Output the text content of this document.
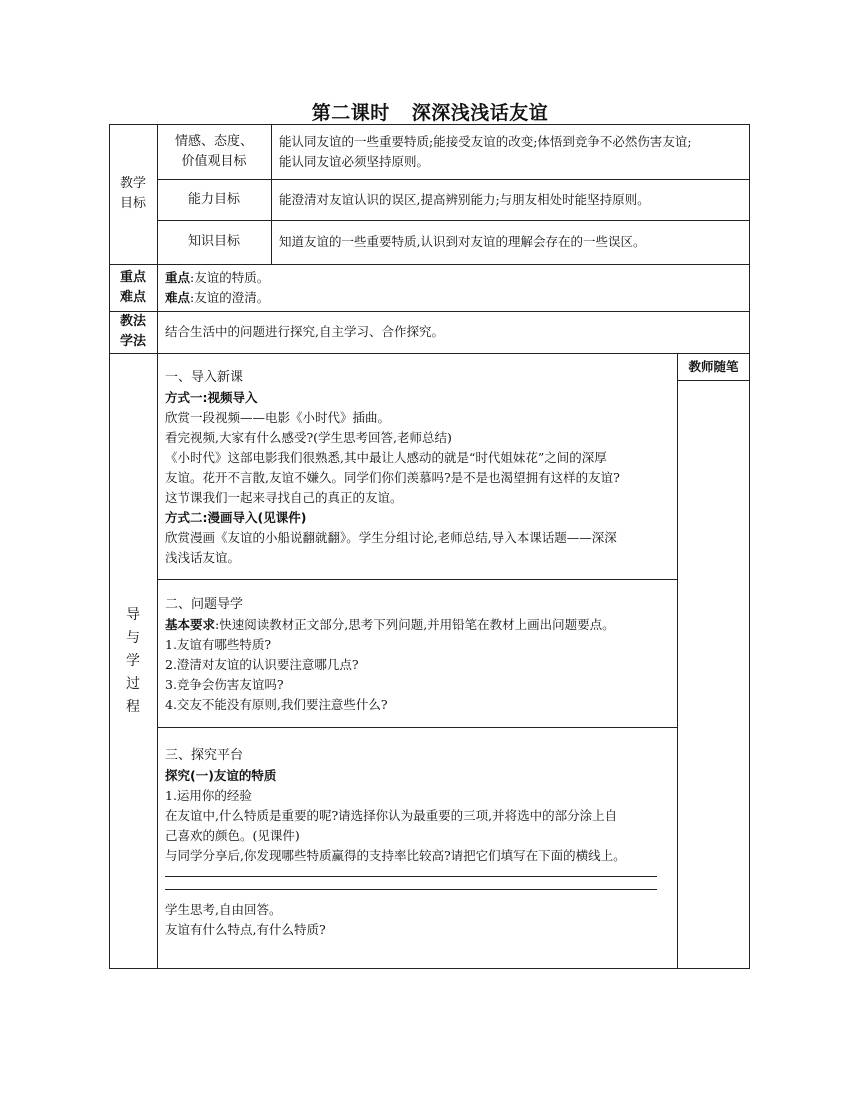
第二课时 深深浅浅话友谊
教学
目标
情感、态度、
价值观目标
能认同友谊的一些重要特质;能接受友谊的改变;体悟到竞争不必然伤害友谊;
能认同友谊必须坚持原则。
能力目标	能澄清对友谊认识的误区,提高辨别能力;与朋友相处时能坚持原则。
知识目标	知道友谊的一些重要特质,认识到对友谊的理解会存在的一些误区。
重点
难点
重点:友谊的特质。
难点:友谊的澄清。
教法
学法
结合生活中的问题进行探究,自主学习、合作探究。
导
与
学
过
程
教师随笔

一、导入新课

方式一:视频导入

欣赏一段视频——电影《小时代》插曲。

看完视频,大家有什么感受?(学生思考回答,老师总结)

《小时代》这部电影我们很熟悉,其中最让人感动的就是“时代姐妹花”之间的深厚

友谊。花开不言散,友谊不嫌久。同学们你们羡慕吗?是不是也渴望拥有这样的友谊?

这节课我们一起来寻找自己的真正的友谊。

方式二:漫画导入(见课件)

欣赏漫画《友谊的小船说翻就翻》。学生分组讨论,老师总结,导入本课话题——深深

浅浅话友谊。

二、问题导学

基本要求:快速阅读教材正文部分,思考下列问题,并用铅笔在教材上画出问题要点。

1.友谊有哪些特质?

2.澄清对友谊的认识要注意哪几点?

3.竞争会伤害友谊吗?

4.交友不能没有原则,我们要注意些什么?

三、探究平台

探究(一)友谊的特质

1.运用你的经验

在友谊中,什么特质是重要的呢?请选择你认为最重要的三项,并将选中的部分涂上自

己喜欢的颜色。(见课件)

与同学分享后,你发现哪些特质赢得的支持率比较高?请把它们填写在下面的横线上。

学生思考,自由回答。

友谊有什么特点,有什么特质?
